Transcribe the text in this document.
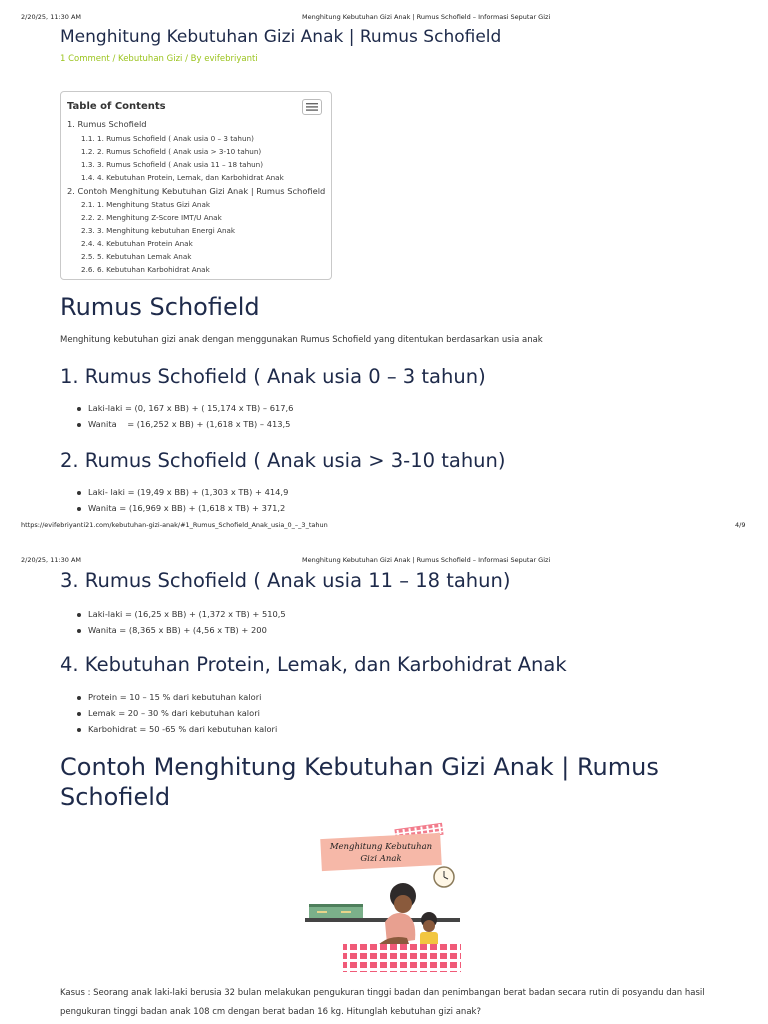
2/20/25, 11:30 AM	Menghitung Kebutuhan Gizi Anak | Rumus Schofield – Informasi Seputar Gizi
Menghitung Kebutuhan Gizi Anak | Rumus Schofield
1 Comment / Kebutuhan Gizi / By evifebriyanti
Table of Contents
1. Rumus Schofield
1.1. 1. Rumus Schofield ( Anak usia 0 – 3 tahun)
1.2. 2. Rumus Schofield ( Anak usia > 3-10 tahun)
1.3. 3. Rumus Schofield ( Anak usia 11 – 18 tahun)
1.4. 4. Kebutuhan Protein, Lemak, dan Karbohidrat Anak
2. Contoh Menghitung Kebutuhan Gizi Anak | Rumus Schofield
2.1. 1. Menghitung Status Gizi Anak
2.2. 2. Menghitung Z-Score IMT/U Anak
2.3. 3. Menghitung kebutuhan Energi Anak
2.4. 4. Kebutuhan Protein Anak
2.5. 5. Kebutuhan Lemak Anak
2.6. 6. Kebutuhan Karbohidrat Anak
Rumus Schofield

Menghitung kebutuhan gizi anak dengan menggunakan Rumus Schofield yang ditentukan berdasarkan usia anak

1. Rumus Schofield ( Anak usia 0 – 3 tahun)
Laki-laki = (0, 167 x BB) + ( 15,174 x TB) – 617,6
Wanita    = (16,252 x BB) + (1,618 x TB) – 413,5
2. Rumus Schofield ( Anak usia > 3-10 tahun)
Laki- laki = (19,49 x BB) + (1,303 x TB) + 414,9
Wanita = (16,969 x BB) + (1,618 x TB) + 371,2
https://evifebriyanti21.com/kebutuhan-gizi-anak/#1_Rumus_Schofield_Anak_usia_0_–_3_tahun	4/9
2/20/25, 11:30 AM	Menghitung Kebutuhan Gizi Anak | Rumus Schofield – Informasi Seputar Gizi
3. Rumus Schofield ( Anak usia 11 – 18 tahun)
Laki-laki = (16,25 x BB) + (1,372 x TB) + 510,5
Wanita = (8,365 x BB) + (4,56 x TB) + 200
4. Kebutuhan Protein, Lemak, dan Karbohidrat Anak
Protein = 10 – 15 % dari kebutuhan kalori
Lemak = 20 – 30 % dari kebutuhan kalori
Karbohidrat = 50 -65 % dari kebutuhan kalori
Contoh Menghitung Kebutuhan Gizi Anak | Rumus
Schofield
Menghitung Kebutuhan
Gizi Anak

Kasus : Seorang anak laki-laki berusia 32 bulan melakukan pengukuran tinggi badan dan penimbangan berat badan secara rutin di posyandu dan hasil
pengukuran tinggi badan anak 108 cm dengan berat badan 16 kg. Hitunglah kebutuhan gizi anak?
